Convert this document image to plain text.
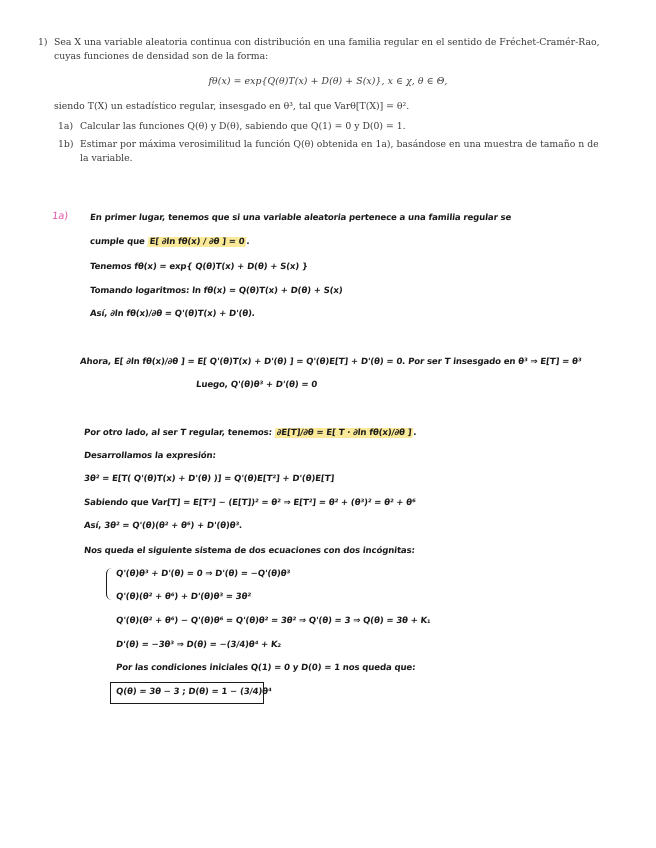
1) Sea X una variable aleatoria continua con distribución en una familia regular en el sentido de Fréchet-Cramér-Rao, cuyas funciones de densidad son de la forma:
fθ(x) = exp{Q(θ)T(x) + D(θ) + S(x)}, x ∈ χ, θ ∈ Θ,
siendo T(X) un estadístico regular, insesgado en θ³, tal que Varθ[T(X)] = θ².
1a) Calcular las funciones Q(θ) y D(θ), sabiendo que Q(1) = 0 y D(0) = 1.
1b) Estimar por máxima verosimilitud la función Q(θ) obtenida en 1a), basándose en una muestra de tamaño n de la variable.
1a) En primer lugar, tenemos que si una variable aleatoria pertenece a una familia regular se
cumple que E[ ∂ln fθ(x) / ∂θ ] = 0.
Tenemos fθ(x) = exp{ Q(θ)T(x) + D(θ) + S(x) }
Tomando logaritmos: ln fθ(x) = Q(θ)T(x) + D(θ) + S(x)
Así, ∂ln fθ(x)/∂θ = Q'(θ)T(x) + D'(θ).
Ahora, E[ ∂ln fθ(x)/∂θ ] = E[ Q'(θ)T(x) + D'(θ) ] = Q'(θ)E[T] + D'(θ) = 0. Por ser T insesgado en θ³ ⇒ E[T] = θ³
Luego, Q'(θ)θ³ + D'(θ) = 0
Por otro lado, al ser T regular, tenemos: ∂E[T]/∂θ = E[ T · ∂ln fθ(x)/∂θ ].
Desarrollamos la expresión:
3θ² = E[T( Q'(θ)T(x) + D'(θ) )] = Q'(θ)E[T²] + D'(θ)E[T]
Sabiendo que Var[T] = E[T²] − (E[T])² = θ² ⇒ E[T²] = θ² + (θ³)² = θ² + θ⁶
Así, 3θ² = Q'(θ)(θ² + θ⁶) + D'(θ)θ³.
Nos queda el siguiente sistema de dos ecuaciones con dos incógnitas:
Q'(θ)θ³ + D'(θ) = 0 ⇒ D'(θ) = −Q'(θ)θ³
Q'(θ)(θ² + θ⁶) + D'(θ)θ³ = 3θ²
Q'(θ)(θ² + θ⁶) − Q'(θ)θ⁶ = Q'(θ)θ² = 3θ² ⇒ Q'(θ) = 3 ⇒ Q(θ) = 3θ + K₁
D'(θ) = −3θ³ ⇒ D(θ) = −(3/4)θ⁴ + K₂
Por las condiciones iniciales Q(1) = 0 y D(0) = 1 nos queda que:
Q(θ) = 3θ − 3 ; D(θ) = 1 − (3/4)θ⁴
